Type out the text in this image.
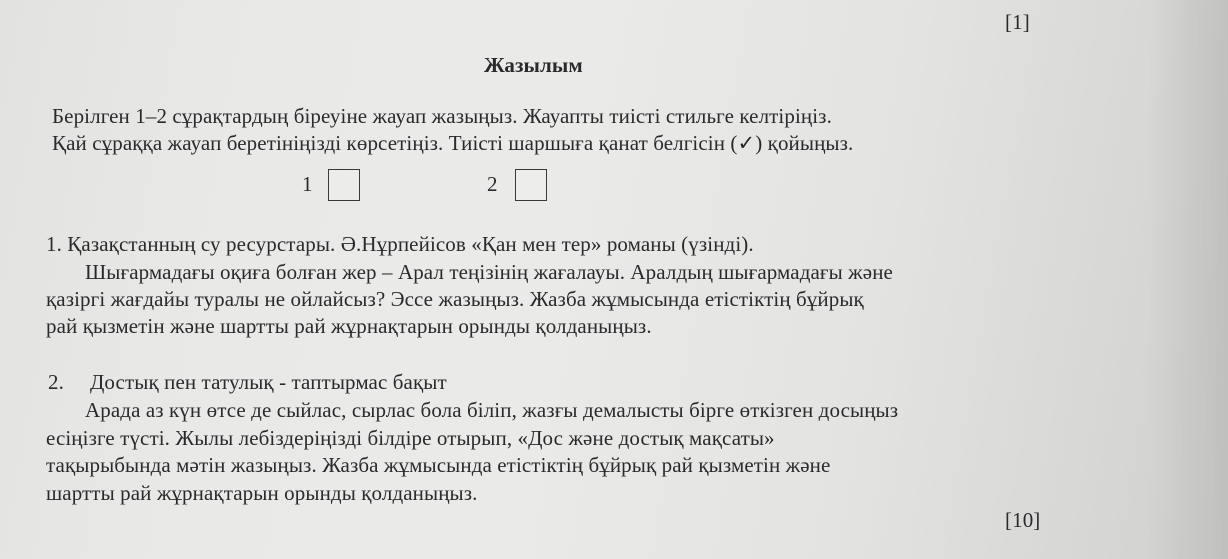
[1]
Жазылым
Берілген 1–2 сұрақтардың біреуіне жауап жазыңыз. Жауапты тиісті стильге келтіріңіз.
Қай сұраққа жауап беретініңізді көрсетіңіз. Тиісті шаршыға қанат белгісін (✓) қойыңыз.
1	2
1. Қазақстанның су ресурстары. Ә.Нұрпейісов «Қан мен тер» романы (үзінді).
Шығармадағы оқиға болған жер – Арал теңізінің жағалауы. Аралдың шығармадағы және
қазіргі жағдайы туралы не ойлайсыз? Эссе жазыңыз. Жазба жұмысында етістіктің бұйрық
рай қызметін және шартты рай жұрнақтарын орынды қолданыңыз.
2. Достық пен татулық - таптырмас бақыт
Арада аз күн өтсе де сыйлас, сырлас бола біліп, жазғы демалысты бірге өткізген досыңыз
есіңізге түсті. Жылы лебіздеріңізді білдіре отырып, «Дос және достық мақсаты»
тақырыбында мәтін жазыңыз. Жазба жұмысында етістіктің бұйрық рай қызметін және
шартты рай жұрнақтарын орынды қолданыңыз.
[10]
